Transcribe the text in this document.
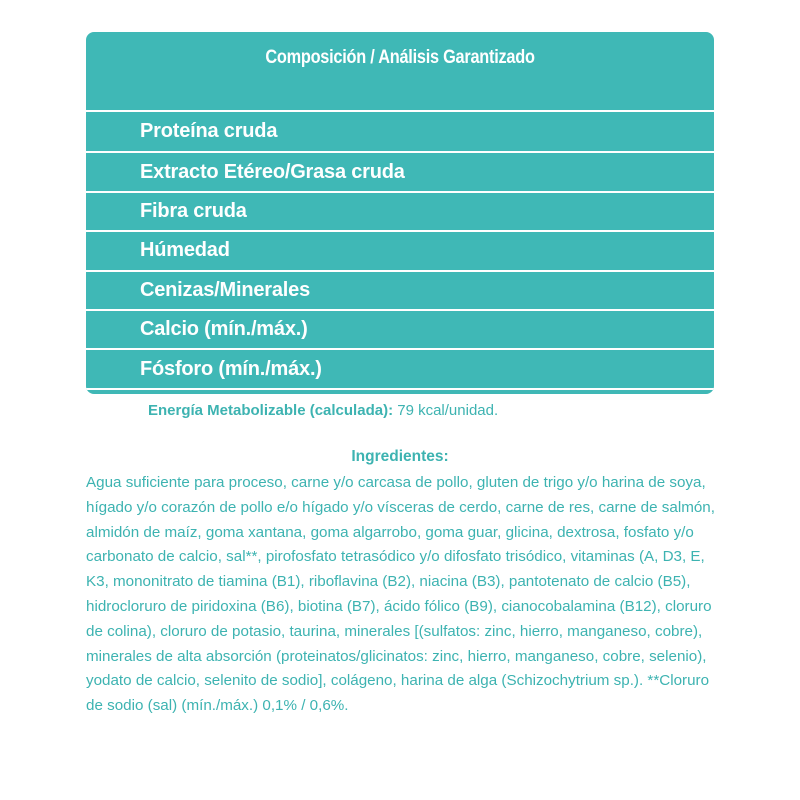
Composición / Análisis Garantizado
Proteína cruda
Extracto Etéreo/Grasa cruda
Fibra cruda
Húmedad
Cenizas/Minerales
Calcio (mín./máx.)
Fósforo (mín./máx.)
Energía Metabolizable (calculada): 79 kcal/unidad.
Ingredientes:
Agua suficiente para proceso, carne y/o carcasa de pollo, gluten de trigo y/o harina de soya, hígado y/o corazón de pollo e/o hígado y/o vísceras de cerdo, carne de res, carne de salmón, almidón de maíz, goma xantana, goma algarrobo, goma guar, glicina, dextrosa, fosfato y/o carbonato de calcio, sal**, pirofosfato tetrasódico y/o difosfato trisódico, vitaminas (A, D3, E, K3, mononitrato de tiamina (B1), riboflavina (B2), niacina (B3), pantotenato de calcio (B5), hidrocloruro de piridoxina (B6), biotina (B7), ácido fólico (B9), cianocobalamina (B12), cloruro de colina), cloruro de potasio, taurina, minerales [(sulfatos: zinc, hierro, manganeso, cobre), minerales de alta absorción (proteinatos/glicinatos: zinc, hierro, manganeso, cobre, selenio), yodato de calcio, selenito de sodio], colágeno, harina de alga (Schizochytrium sp.). **Cloruro de sodio (sal) (mín./máx.) 0,1% / 0,6%.
